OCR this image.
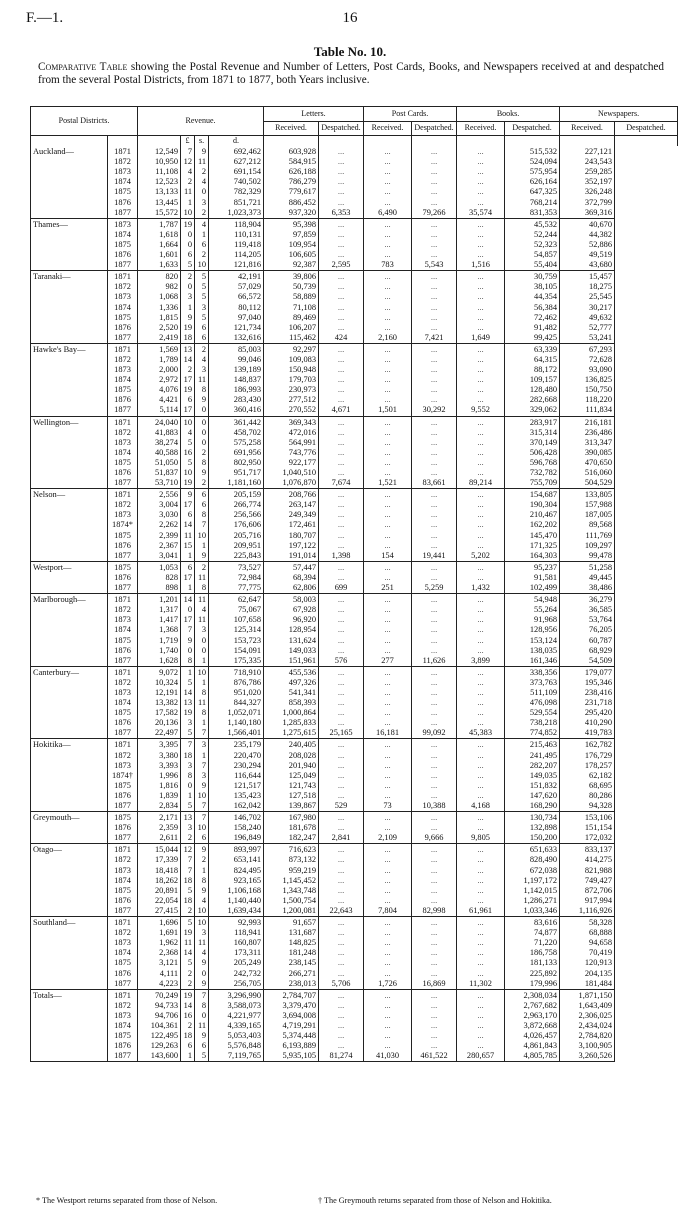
F.—1.	16
Table No. 10.
Comparative Table showing the Postal Revenue and Number of Letters, Post Cards, Books, and Newspapers received at and despatched from the several Postal Districts, from 1871 to 1877, both Years inclusive.
Postal Districts.		Revenue.				Letters.		Post Cards.		Books.		Newspapers.	
						Received.	Despatched.	Received.	Despatched.	Received.	Despatched.	Received.	Despatched.
			£	s.	d.								
Auckland—	1871	12,549	7	9	692,462	603,928	...	...	...	...	515,532	227,121	
	1872	10,950	12	11	627,212	584,915	...	...	...	...	524,094	243,543	
	1873	11,108	4	2	691,154	626,188	...	...	...	...	575,954	259,285	
	1874	12,523	2	4	740,502	786,279	...	...	...	...	626,164	352,197	
	1875	13,133	11	0	782,329	779,617	...	...	...	...	647,325	326,248	
	1876	13,445	1	3	851,721	886,452	...	...	...	...	768,214	372,799	
	1877	15,572	10	2	1,023,373	937,320	6,353	6,490	79,266	35,574	831,353	369,316	
Thames—	1873	1,787	19	4	118,904	95,398	...	...	...	...	45,532	40,670	
	1874	1,618	0	1	110,131	97,859	...	...	...	...	52,244	44,382	
	1875	1,664	0	6	119,418	109,954	...	...	...	...	52,323	52,886	
	1876	1,601	6	2	114,205	106,605	...	...	...	...	54,857	49,519	
	1877	1,633	5	10	121,816	92,387	2,595	783	5,543	1,516	55,404	43,680	
Taranaki—	1871	820	2	5	42,191	39,806	...	...	...	...	30,759	15,457	
	1872	982	0	5	57,029	50,739	...	...	...	...	38,105	18,275	
	1873	1,068	3	5	66,572	58,889	...	...	...	...	44,354	25,545	
	1874	1,336	1	3	80,112	71,108	...	...	...	...	56,384	30,217	
	1875	1,815	9	5	97,040	89,469	...	...	...	...	72,462	49,632	
	1876	2,520	19	6	121,734	106,207	...	...	...	...	91,482	52,777	
	1877	2,419	18	6	132,616	115,462	424	2,160	7,421	1,649	99,425	53,241	
Hawke's Bay—	1871	1,569	13	2	85,003	92,297	...	...	...	...	63,339	67,293	
	1872	1,789	14	4	99,046	109,083	...	...	...	...	64,315	72,628	
	1873	2,000	2	3	139,189	150,948	...	...	...	...	88,172	93,090	
	1874	2,972	17	11	148,837	179,703	...	...	...	...	109,157	136,825	
	1875	4,076	19	8	186,993	230,973	...	...	...	...	128,480	150,750	
	1876	4,421	6	9	283,430	277,512	...	...	...	...	282,668	118,220	
	1877	5,114	17	0	360,416	270,552	4,671	1,501	30,292	9,552	329,062	111,834	
Wellington—	1871	24,040	10	0	361,442	369,343	...	...	...	...	283,917	216,181	
	1872	41,883	4	0	458,702	472,016	...	...	...	...	315,314	236,486	
	1873	38,274	5	0	575,258	564,991	...	...	...	...	370,149	313,347	
	1874	40,588	16	2	691,956	743,776	...	...	...	...	506,428	390,085	
	1875	51,050	5	8	802,950	922,177	...	...	...	...	596,768	470,650	
	1876	51,837	10	9	951,717	1,040,510	...	...	...	...	732,782	516,060	
	1877	53,710	19	2	1,181,160	1,076,870	7,674	1,521	83,661	89,214	755,709	504,529	
Nelson—	1871	2,556	9	6	205,159	208,766	...	...	...	...	154,687	133,805	
	1872	3,004	17	6	266,774	263,147	...	...	...	...	190,304	157,988	
	1873	3,030	6	8	256,566	249,349	...	...	...	...	210,467	187,005	
	1874*	2,262	14	7	176,606	172,461	...	...	...	...	162,202	89,568	
	1875	2,399	11	10	205,716	180,707	...	...	...	...	145,470	111,769	
	1876	2,367	15	1	209,951	197,122	...	...	...	...	171,325	109,297	
	1877	3,041	1	9	225,843	191,014	1,398	154	19,441	5,202	164,303	99,478	
Westport—	1875	1,053	6	2	73,527	57,447	...	...	...	...	95,237	51,258	
	1876	828	17	11	72,984	68,394	...	...	...	...	91,581	49,445	
	1877	898	1	8	77,775	62,806	699	251	5,259	1,432	102,499	38,486	
Marlborough—	1871	1,201	14	11	62,647	58,003	...	...	...	...	54,948	36,279	
	1872	1,317	0	4	75,067	67,928	...	...	...	...	55,264	36,585	
	1873	1,417	17	11	107,658	96,920	...	...	...	...	91,968	53,764	
	1874	1,368	7	3	125,314	128,954	...	...	...	...	128,956	76,205	
	1875	1,719	9	0	153,723	131,624	...	...	...	...	153,124	60,787	
	1876	1,740	0	0	154,091	149,033	...	...	...	...	138,035	68,929	
	1877	1,628	8	1	175,335	151,961	576	277	11,626	3,899	161,346	54,509	
Canterbury—	1871	9,072	1	10	718,910	455,536	...	...	...	...	338,356	179,077	
	1872	10,324	5	1	876,786	497,326	...	...	...	...	373,763	195,346	
	1873	12,191	14	8	951,020	541,341	...	...	...	...	511,109	238,416	
	1874	13,382	13	11	844,327	858,393	...	...	...	...	476,098	231,718	
	1875	17,582	19	8	1,052,071	1,000,864	...	...	...	...	529,554	295,420	
	1876	20,136	3	1	1,140,180	1,285,833	...	...	...	...	738,218	410,290	
	1877	22,497	5	7	1,566,401	1,275,615	25,165	16,181	99,092	45,383	774,852	419,783	
Hokitika—	1871	3,395	7	3	235,179	240,405	...	...	...	...	215,463	162,782	
	1872	3,380	18	1	220,470	208,028	...	...	...	...	241,495	176,729	
	1873	3,393	3	7	230,294	201,940	...	...	...	...	282,207	178,257	
	1874†	1,996	8	3	116,644	125,049	...	...	...	...	149,035	62,182	
	1875	1,816	0	9	121,517	121,743	...	...	...	...	151,832	68,695	
	1876	1,839	1	10	135,423	127,518	...	...	...	...	147,620	80,286	
	1877	2,834	5	7	162,042	139,867	529	73	10,388	4,168	168,290	94,328	
Greymouth—	1875	2,171	13	7	146,702	167,980	...	...	...	...	130,734	153,106	
	1876	2,359	3	10	158,240	181,678	...	...	...	...	132,898	151,154	
	1877	2,611	2	6	196,849	182,247	2,841	2,109	9,666	9,805	150,200	172,032	
Otago—	1871	15,044	12	9	893,997	716,623	...	...	...	...	651,633	833,137	
	1872	17,339	7	2	653,141	873,132	...	...	...	...	828,490	414,275	
	1873	18,418	7	1	824,495	959,219	...	...	...	...	672,038	821,988	
	1874	18,262	18	8	923,165	1,145,452	...	...	...	...	1,197,172	749,427	
	1875	20,891	5	9	1,106,168	1,343,748	...	...	...	...	1,142,015	872,706	
	1876	22,054	18	4	1,140,440	1,500,754	...	...	...	...	1,286,271	917,994	
	1877	27,415	2	10	1,639,434	1,200,081	22,643	7,804	82,998	61,961	1,033,346	1,116,926	
Southland—	1871	1,696	5	10	92,993	91,657	...	...	...	...	83,616	58,328	
	1872	1,691	19	3	118,941	131,687	...	...	...	...	74,877	68,888	
	1873	1,962	11	11	160,807	148,825	...	...	...	...	71,220	94,658	
	1874	2,368	14	4	173,311	181,248	...	...	...	...	186,758	70,419	
	1875	3,121	5	9	205,249	238,145	...	...	...	...	181,133	120,913	
	1876	4,111	2	0	242,732	266,271	...	...	...	...	225,892	204,135	
	1877	4,223	2	9	256,705	238,013	5,706	1,726	16,869	11,302	179,996	181,484	
Totals—	1871	70,249	19	7	3,296,990	2,784,707	...	...	...	...	2,308,034	1,871,150	
	1872	94,733	14	8	3,588,073	3,379,470	...	...	...	...	2,767,682	1,643,409	
	1873	94,706	16	0	4,221,977	3,694,008	...	...	...	...	2,963,170	2,306,025	
	1874	104,361	2	11	4,339,165	4,719,291	...	...	...	...	3,872,668	2,434,024	
	1875	122,495	18	9	5,053,403	5,374,448	...	...	...	...	4,026,457	2,784,820	
	1876	129,263	6	6	5,576,848	6,193,889	...	...	...	...	4,861,843	3,100,905	
	1877	143,600	1	5	7,119,765	5,935,105	81,274	41,030	461,522	280,657	4,805,785	3,260,526	
* The Westport returns separated from those of Nelson.	† The Greymouth returns separated from those of Nelson and Hokitika.
